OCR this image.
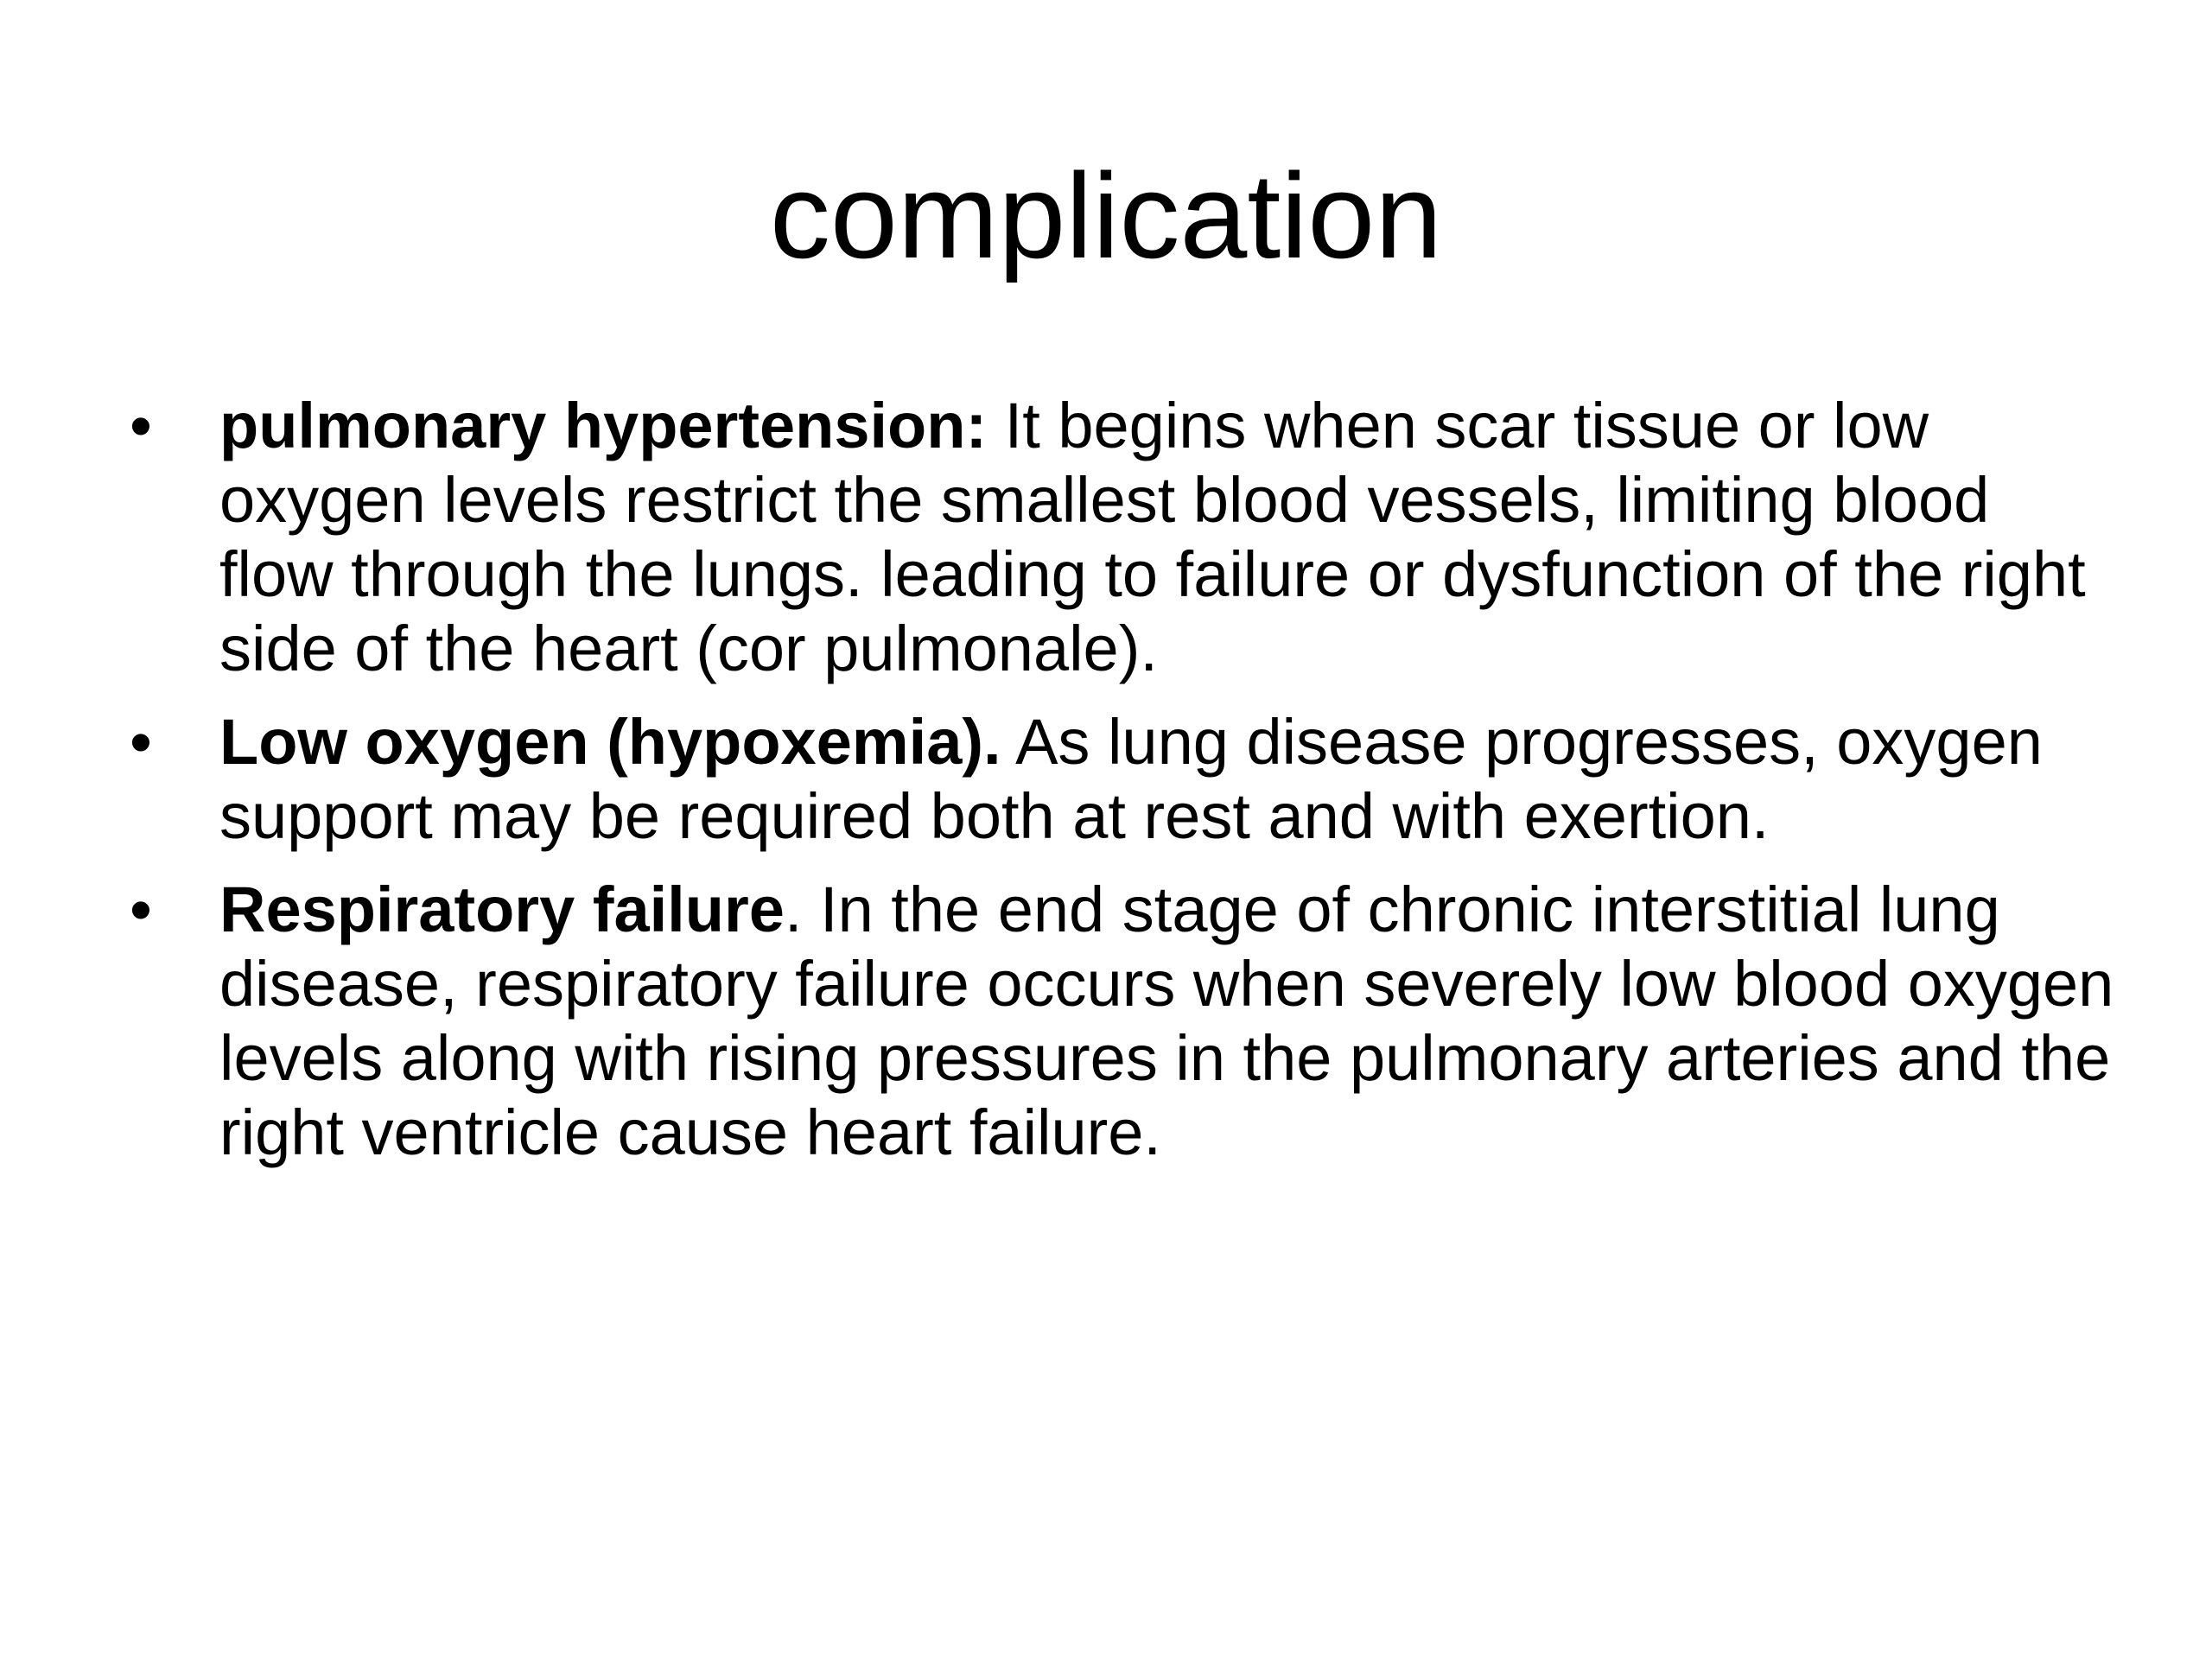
complication
•	pulmonary hypertension: It begins when scar tissue or low oxygen levels restrict the smallest blood vessels, limiting blood flow through the lungs. leading to failure or dysfunction of the right side of the heart (cor pulmonale).
•	Low oxygen (hypoxemia). As lung disease progresses, oxygen support may be required both at rest and with exertion.
•	Respiratory failure. In the end stage of chronic interstitial lung disease, respiratory failure occurs when severely low blood oxygen levels along with rising pressures in the pulmonary arteries and the right ventricle cause heart failure.
